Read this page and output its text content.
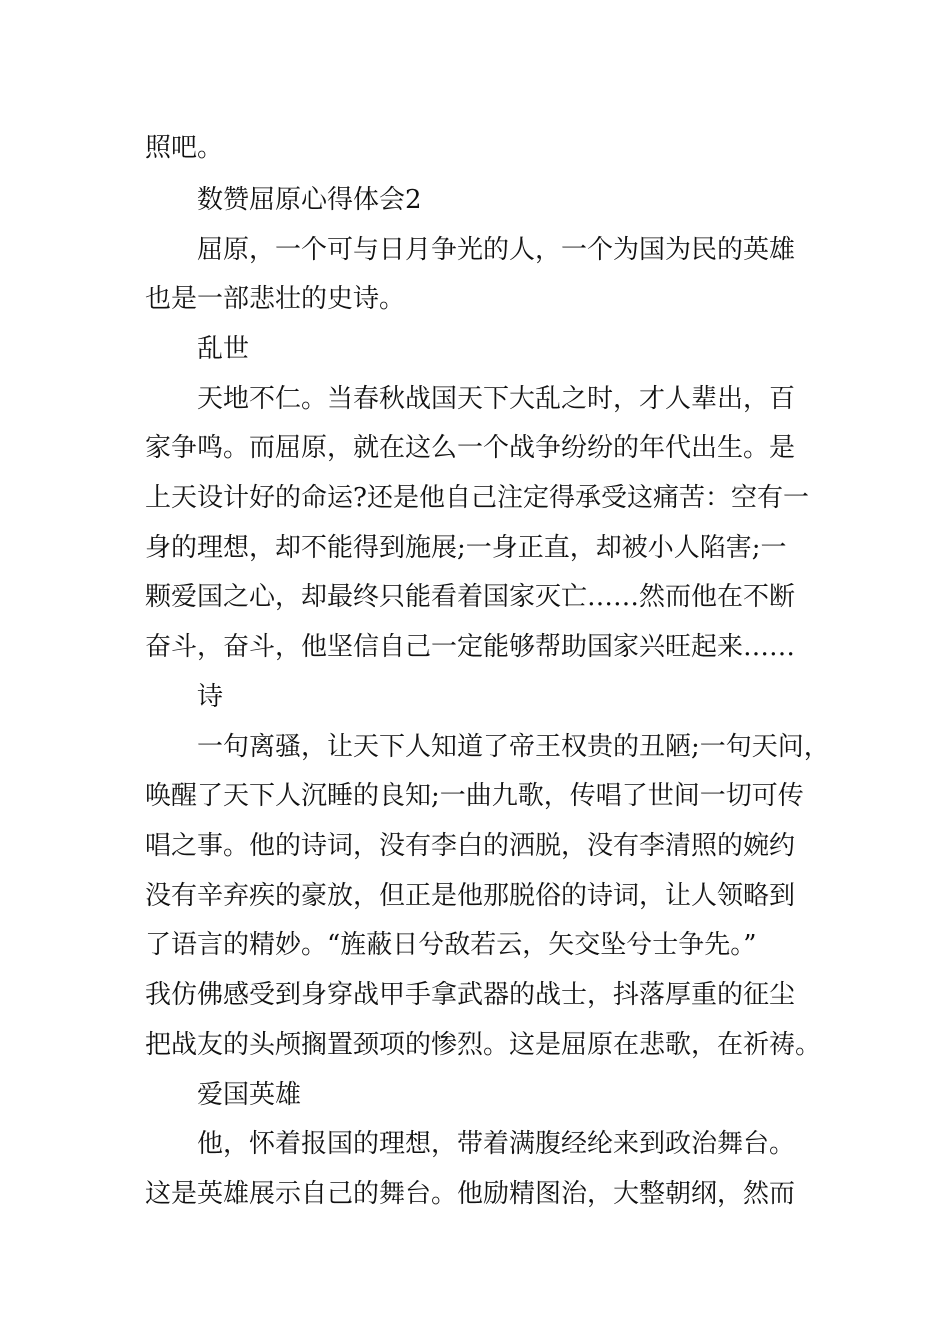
照吧。
数赞屈原心得体会2
屈原，一个可与日月争光的人，一个为国为民的英雄
也是一部悲壮的史诗。
乱世
天地不仁。当春秋战国天下大乱之时，才人辈出，百
家争鸣。而屈原，就在这么一个战争纷纷的年代出生。是
上天设计好的命运?还是他自己注定得承受这痛苦：空有一
身的理想，却不能得到施展;一身正直，却被小人陷害;一
颗爱国之心，却最终只能看着国家灭亡……然而他在不断
奋斗，奋斗，他坚信自己一定能够帮助国家兴旺起来……
诗
一句离骚，让天下人知道了帝王权贵的丑陋;一句天问，
唤醒了天下人沉睡的良知;一曲九歌，传唱了世间一切可传
唱之事。他的诗词，没有李白的洒脱，没有李清照的婉约
没有辛弃疾的豪放，但正是他那脱俗的诗词，让人领略到
了语言的精妙。“旌蔽日兮敌若云，矢交坠兮士争先。”
我仿佛感受到身穿战甲手拿武器的战士，抖落厚重的征尘
把战友的头颅搁置颈项的惨烈。这是屈原在悲歌，在祈祷。
爱国英雄
他，怀着报国的理想，带着满腹经纶来到政治舞台。
这是英雄展示自己的舞台。他励精图治，大整朝纲，然而
